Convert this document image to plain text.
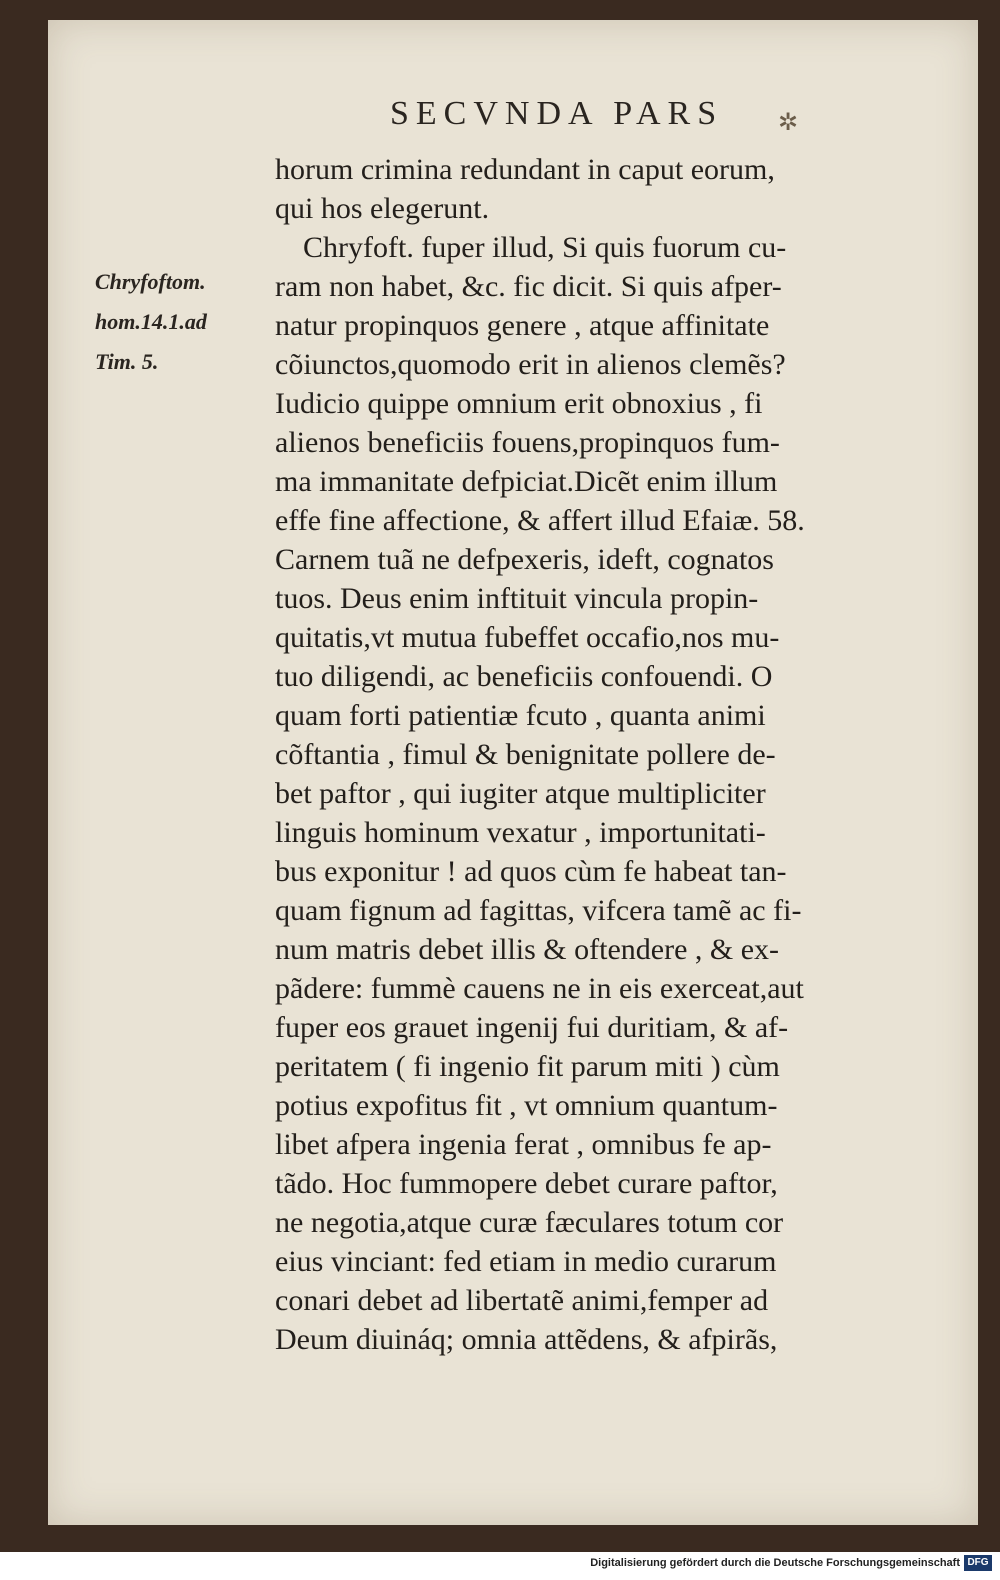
SECVNDA PARS ✲
Chryfoftom.
hom.14.1.ad
Tim. 5.
horum crimina redundant in caput eorum,
qui hos elegerunt.
Chryfoft. fuper illud, Si quis fuorum cu-
ram non habet, &c. fic dicit. Si quis afper-
natur propinquos genere , atque affinitate
cõiunctos,quomodo erit in alienos clemẽs?
Iudicio quippe omnium erit obnoxius , fi
alienos beneficiis fouens,propinquos fum-
ma immanitate defpiciat.Dicẽt enim illum
effe fine affectione, & affert illud Efaiæ. 58.
Carnem tuã ne defpexeris, ideft, cognatos
tuos. Deus enim inftituit vincula propin-
quitatis,vt mutua fubeffet occafio,nos mu-
tuo diligendi, ac beneficiis confouendi. O
quam forti patientiæ fcuto , quanta animi
cõftantia , fimul & benignitate pollere de-
bet paftor , qui iugiter atque multipliciter
linguis hominum vexatur , importunitati-
bus exponitur ! ad quos cùm fe habeat tan-
quam fignum ad fagittas, vifcera tamẽ ac fi-
num matris debet illis & oftendere , & ex-
pãdere: fummè cauens ne in eis exerceat,aut
fuper eos grauet ingenij fui duritiam, & af-
peritatem ( fi ingenio fit parum miti ) cùm
potius expofitus fit , vt omnium quantum-
libet afpera ingenia ferat , omnibus fe ap-
tãdo. Hoc fummopere debet curare paftor,
ne negotia,atque curæ fæculares totum cor
eius vinciant: fed etiam in medio curarum
conari debet ad libertatẽ animi,femper ad
Deum diuináq; omnia attẽdens, & afpirãs,
Digitalisierung gefördert durch die Deutsche Forschungsgemeinschaft DFG
